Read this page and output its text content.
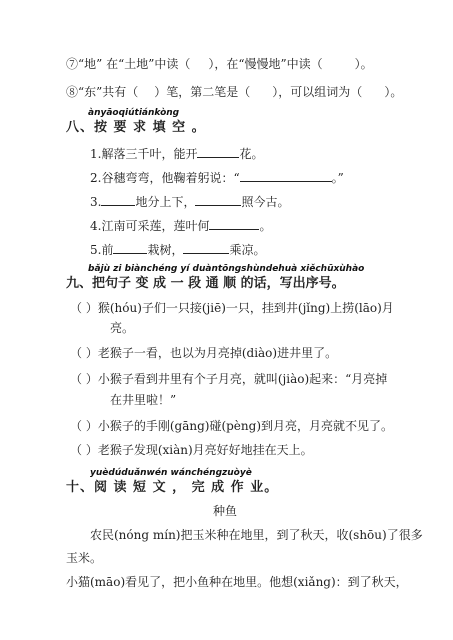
⑦“地” 在“土地”中读（ ），在“慢慢地”中读（	）。
⑧“东”共有（ ）笔，第二笔是（ ），可以组词为（ ）。
ànyāoqiútiánkòng
八、按 要 求 填 空 。
1.解落三千叶，能开	花。
2.谷穗弯弯，他鞠着躬说：“	。”
3.	地分上下，	照今古。
4.江南可采莲，莲叶何	。
5.前	栽树，	乘凉。
bǎjù zi biànchéng yí duàntōngshùndehuà xiěchūxùhào
九、把句子 变 成 一 段 通 顺 的话，写出序号。
（ ）猴(hóu)子们一只接(jiē)一只，挂到井(jǐng)上捞(lāo)月
亮。
（ ）老猴子一看，也以为月亮掉(diào)进井里了。
（ ）小猴子看到井里有个子月亮，就叫(jiào)起来：“月亮掉
在井里啦！”
（ ）小猴子的手刚(gāng)碰(pèng)到月亮，月亮就不见了。
（ ）老猴子发现(xiàn)月亮好好地挂在天上。
yuèdúduǎnwén wánchéngzuòyè
十、阅 读 短 文 ， 完 成 作 业。
种鱼
农民(nóng mín)把玉米种在地里，到了秋天，收(shōu)了很多
玉米。
小猫(māo)看见了，把小鱼种在地里。他想(xiǎng)：到了秋天，
